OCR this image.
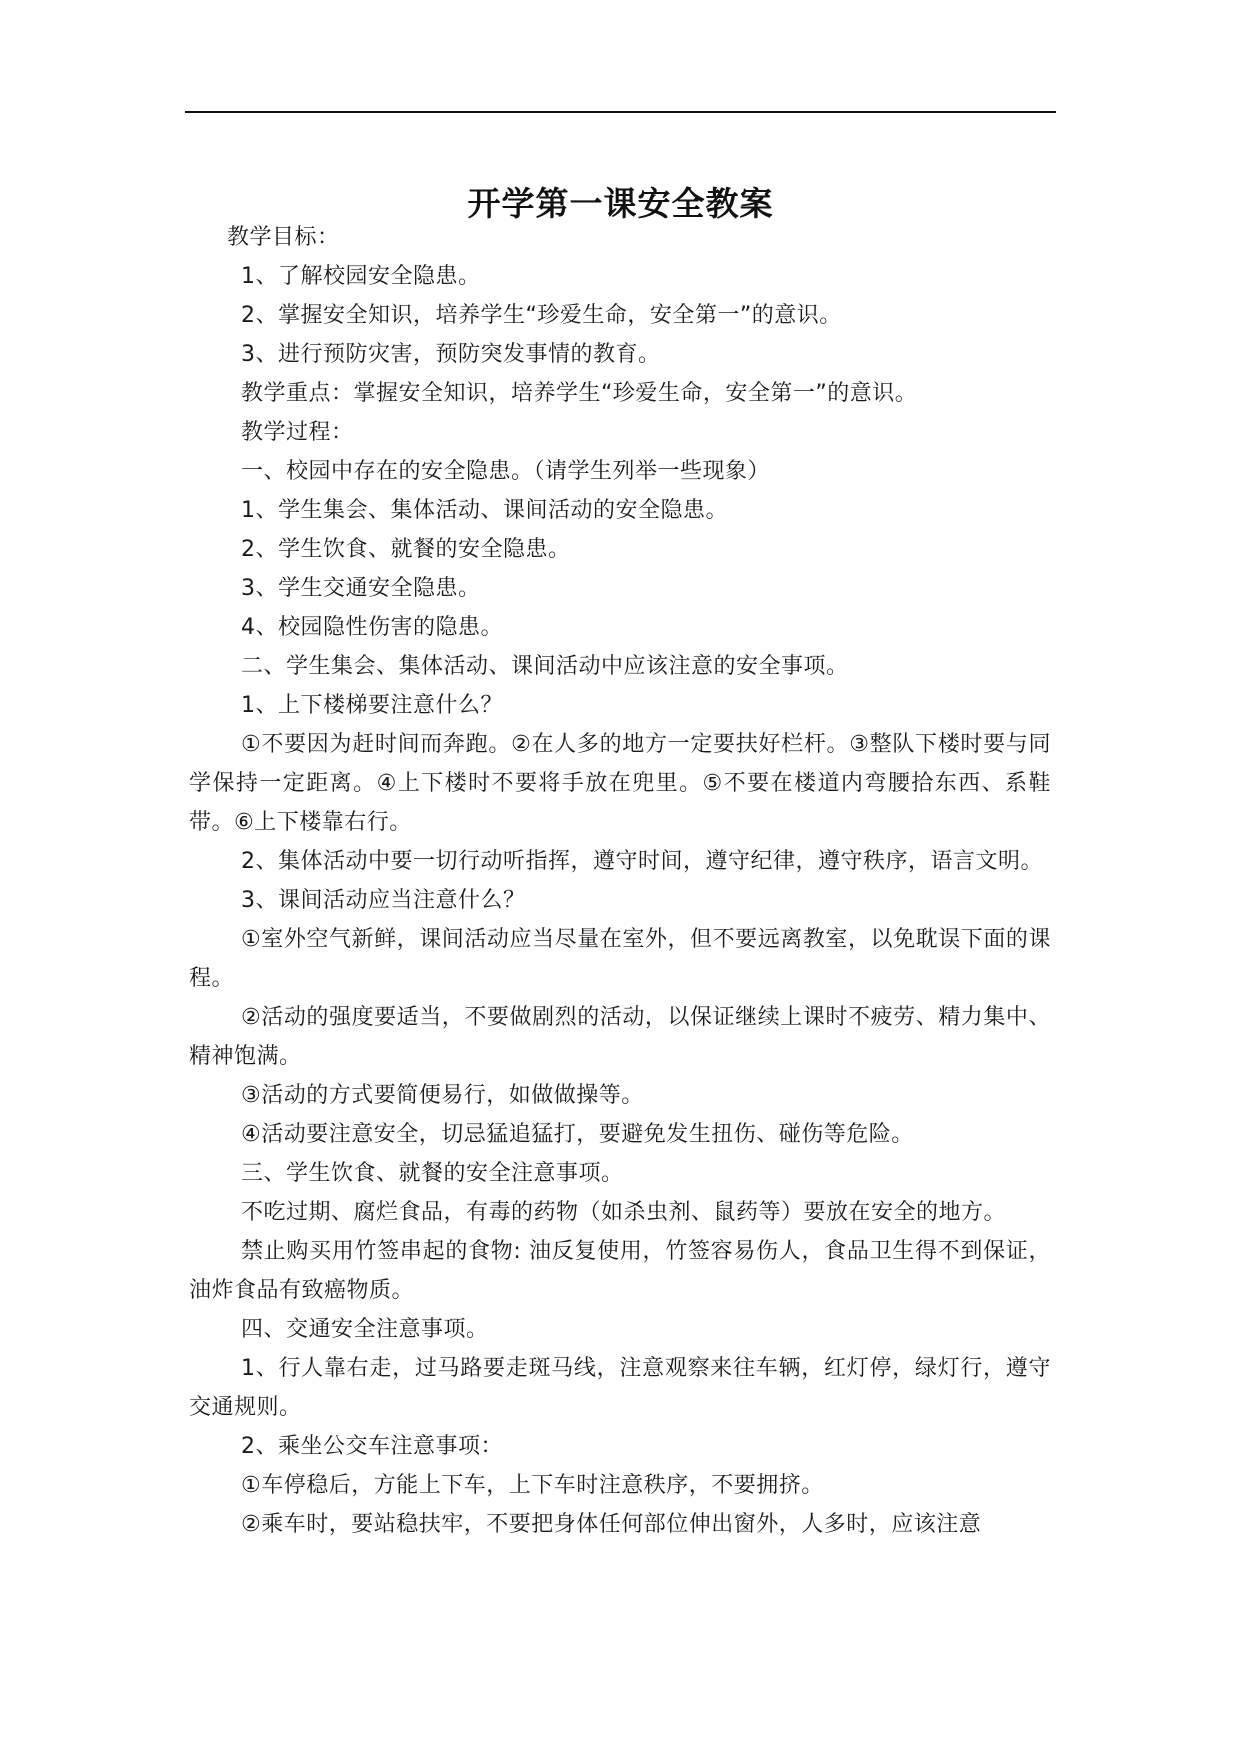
开学第一课安全教案

教学目标：

1、了解校园安全隐患。

2、掌握安全知识，培养学生“珍爱生命，安全第一”的意识。

3、进行预防灾害，预防突发事情的教育。

教学重点：掌握安全知识，培养学生“珍爱生命，安全第一”的意识。

教学过程：

一、校园中存在的安全隐患。（请学生列举一些现象）

1、学生集会、集体活动、课间活动的安全隐患。

2、学生饮食、就餐的安全隐患。

3、学生交通安全隐患。

4、校园隐性伤害的隐患。

二、学生集会、集体活动、课间活动中应该注意的安全事项。

1、上下楼梯要注意什么？

①不要因为赶时间而奔跑。②在人多的地方一定要扶好栏杆。③整队下楼时要与同学保持一定距离。④上下楼时不要将手放在兜里。⑤不要在楼道内弯腰拾东西、系鞋带。⑥上下楼靠右行。

2、集体活动中要一切行动听指挥，遵守时间，遵守纪律，遵守秩序，语言文明。

3、课间活动应当注意什么？

①室外空气新鲜，课间活动应当尽量在室外，但不要远离教室，以免耽误下面的课程。

②活动的强度要适当，不要做剧烈的活动，以保证继续上课时不疲劳、精力集中、精神饱满。

③活动的方式要简便易行，如做做操等。

④活动要注意安全，切忌猛追猛打，要避免发生扭伤、碰伤等危险。

三、学生饮食、就餐的安全注意事项。

不吃过期、腐烂食品，有毒的药物（如杀虫剂、鼠药等）要放在安全的地方。

禁止购买用竹签串起的食物: 油反复使用，竹签容易伤人，食品卫生得不到保证，油炸食品有致癌物质。

四、交通安全注意事项。

1、行人靠右走，过马路要走斑马线，注意观察来往车辆，红灯停，绿灯行，遵守交通规则。

2、乘坐公交车注意事项：

①车停稳后，方能上下车，上下车时注意秩序，不要拥挤。

②乘车时，要站稳扶牢，不要把身体任何部位伸出窗外，人多时，应该注意
